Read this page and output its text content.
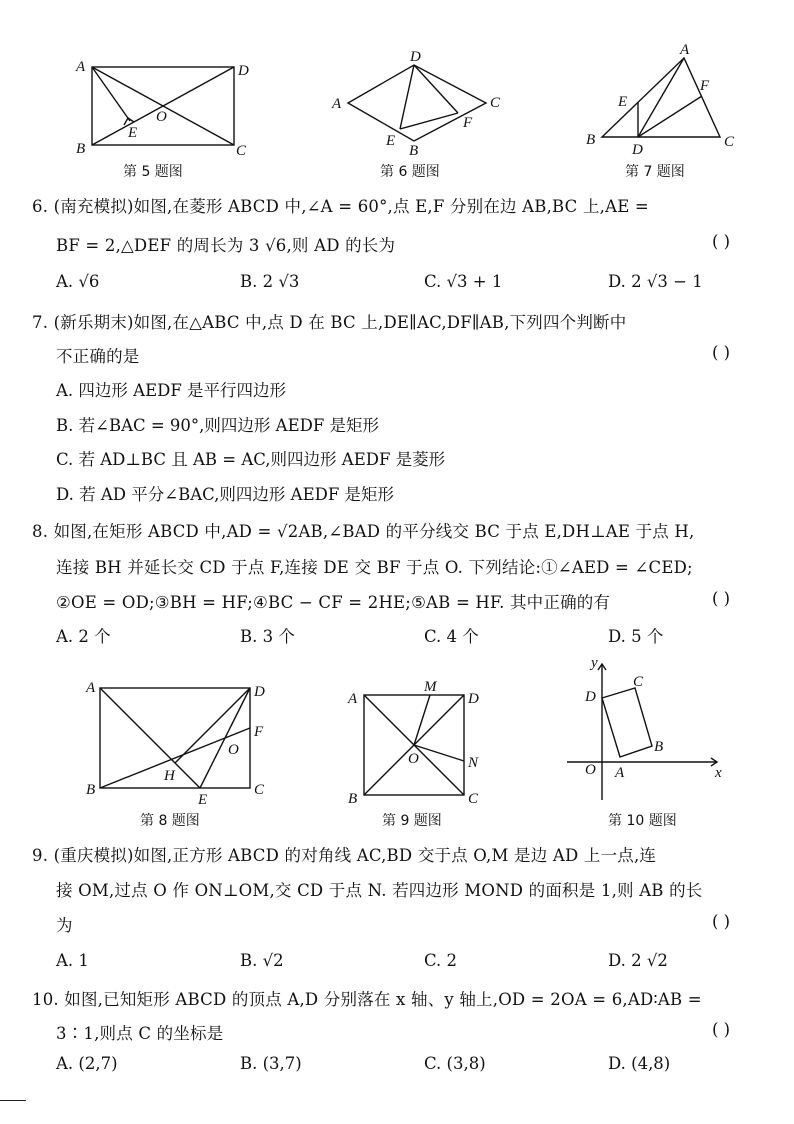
A	D
B	C
E
O
第 5 题图
D
A	C
E
F
B
第 6 题图
A
E
F
B
D	C
第 7 题图
6. (南充模拟)如图,在菱形 ABCD 中,∠A = 60°,点 E,F 分别在边 AB,BC 上,AE =
BF = 2,△DEF 的周长为 3 √6,则 AD 的长为	( )
A. √6	B. 2 √3	C. √3 + 1	D. 2 √3 − 1
7. (新乐期末)如图,在△ABC 中,点 D 在 BC 上,DE∥AC,DF∥AB,下列四个判断中
不正确的是	( )
A. 四边形 AEDF 是平行四边形
B. 若∠BAC = 90°,则四边形 AEDF 是矩形
C. 若 AD⊥BC 且 AB = AC,则四边形 AEDF 是菱形
D. 若 AD 平分∠BAC,则四边形 AEDF 是矩形
8. 如图,在矩形 ABCD 中,AD = √2AB,∠BAD 的平分线交 BC 于点 E,DH⊥AE 于点 H,
连接 BH 并延长交 CD 于点 F,连接 DE 交 BF 于点 O. 下列结论:①∠AED = ∠CED;
②OE = OD;③BH = HF;④BC − CF = 2HE;⑤AB = HF. 其中正确的有	( )
A. 2 个	B. 3 个	C. 4 个	D. 5 个
A	D
F
O
H
B
E
C
第 8 题图
M
A	D
O	N
B	C
第 9 题图
y
C
D
B
O A	x
第 10 题图
9. (重庆模拟)如图,正方形 ABCD 的对角线 AC,BD 交于点 O,M 是边 AD 上一点,连
接 OM,过点 O 作 ON⊥OM,交 CD 于点 N. 若四边形 MOND 的面积是 1,则 AB 的长
为	( )
A. 1	B. √2	C. 2	D. 2 √2
10. 如图,已知矩形 ABCD 的顶点 A,D 分别落在 x 轴、y 轴上,OD = 2OA = 6,AD∶AB =
3∶1,则点 C 的坐标是	( )
A. (2,7)	B. (3,7)	C. (3,8)	D. (4,8)
